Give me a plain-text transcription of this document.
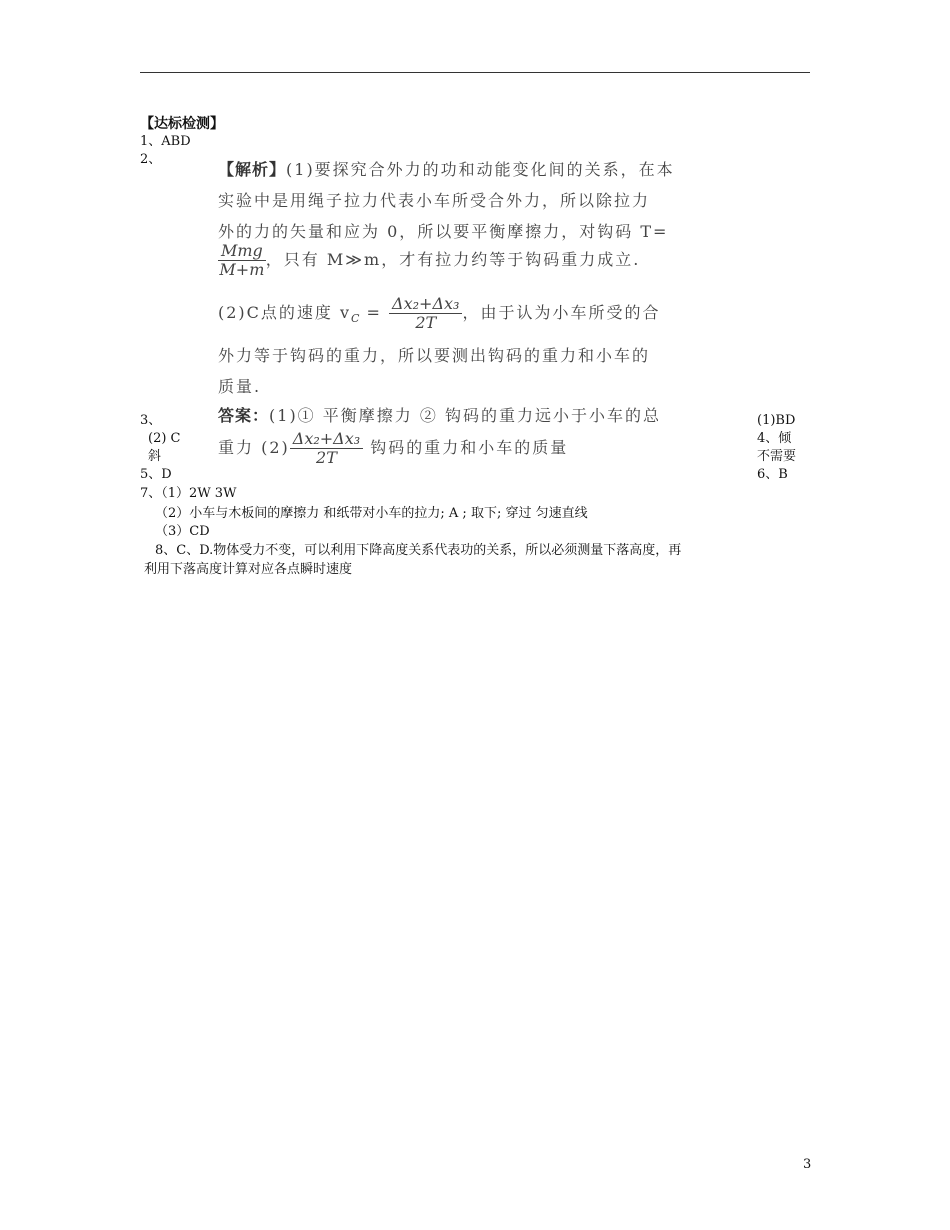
【达标检测】
1、ABD
2、
【解析】(1)要探究合外力的功和动能变化间的关系，在本
实验中是用绳子拉力代表小车所受合外力，所以除拉力
外的力的矢量和应为 0，所以要平衡摩擦力，对钩码 T=
$\frac{\text{Mmg}}{M+m}$ ，只有 M≫m，才有拉力约等于钩码重力成立.
(2)C点的速度 $v_C = \frac{\text{Δx₂+Δx₃}}{2T}$ ，由于认为小车所受的合
外力等于钩码的重力，所以要测出钩码的重力和小车的
质量.
答案：(1)① 平衡摩擦力 ② 钩码的重力远小于小车的总
重力 $(2) \frac{\text{Δx₂+Δx₃}}{2T}$ 钩码的重力和小车的质量
3、
(2) C
斜
5、D
(1)BD
4、倾
不需要
6、B
7、（1）2W 3W
（2）小车与木板间的摩擦力 和纸带对小车的拉力; A ; 取下; 穿过 匀速直线
（3）CD
8、C、D.物体受力不变，可以利用下降高度关系代表功的关系，所以必须测量下落高度，再
利用下落高度计算对应各点瞬时速度
3
